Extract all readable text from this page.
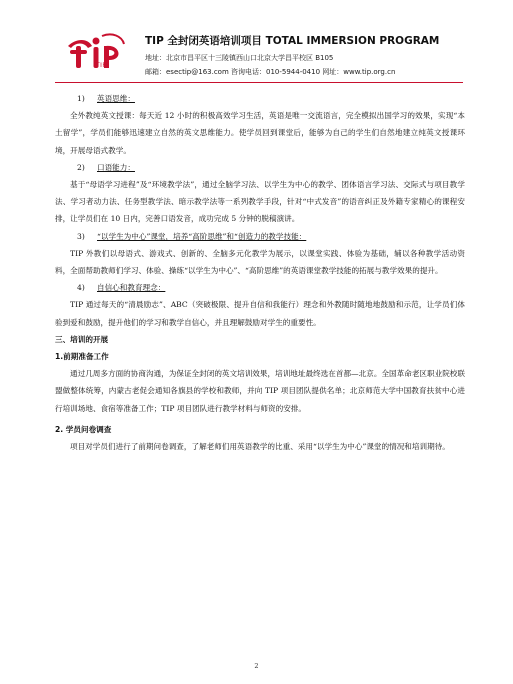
TIP
TIP 全封闭英语培训项目 TOTAL IMMERSION PROGRAM
地址：北京市昌平区十三陵镇西山口北京大学昌平校区 B105
邮箱：esectip@163.com 咨询电话：010-5944-0410 网址：www.tip.org.cn

1) 英语思维：

全外教纯英文授课：每天近 12 小时的积极高效学习生活，英语是唯一交流语言，完全模拟出国学习的效果，实现“本土留学”，学员们能够迅速建立自然的英文思维能力。使学员回到课堂后，能够为自己的学生们自然地建立纯英文授课环境，开展母语式教学。

2) 口语能力：

基于“母语学习进程”及“环境教学法”，通过全脑学习法、以学生为中心的教学、团体语言学习法、交际式与项目教学法、学习者动力法、任务型教学法、暗示教学法等一系列教学手段，针对“中式发音”的语音纠正及外籍专家精心的课程安排，让学员们在 10 日内，完善口语发音，成功完成 5 分钟的脱稿演讲。

3) “以学生为中心”课堂，培养“高阶思维”和“创造力的教学技能：

TIP 外教们以母语式、游戏式、创新的、全脑多元化教学为展示，以课堂实践、体验为基础，辅以各种教学活动资料，全面帮助教师们学习、体验、操练“以学生为中心”、“高阶思维”的英语课堂教学技能的拓展与教学效果的提升。

4) 自信心和教育理念：

TIP 通过每天的“清晨励志”、ABC（突破极限、提升自信和我能行）理念和外教随时随地地鼓励和示范，让学员们体验到爱和鼓励，提升他们的学习和教学自信心，并且理解鼓励对学生的重要性。

三、培训的开展

1.前期准备工作

通过几周多方面的协商沟通，为保证全封闭的英文培训效果，培训地址最终选在首都—北京。全国革命老区职业院校联盟做整体统筹，内蒙古老促会通知各旗县的学校和教师，并向 TIP 项目团队提供名单；北京师范大学中国教育扶贫中心进行培训场地、食宿等准备工作；TIP 项目团队进行教学材料与师资的安排。

2. 学员问卷调查

项目对学员们进行了前期问卷调查，了解老师们用英语教学的比重、采用“以学生为中心”课堂的情况和培训期待。

2
